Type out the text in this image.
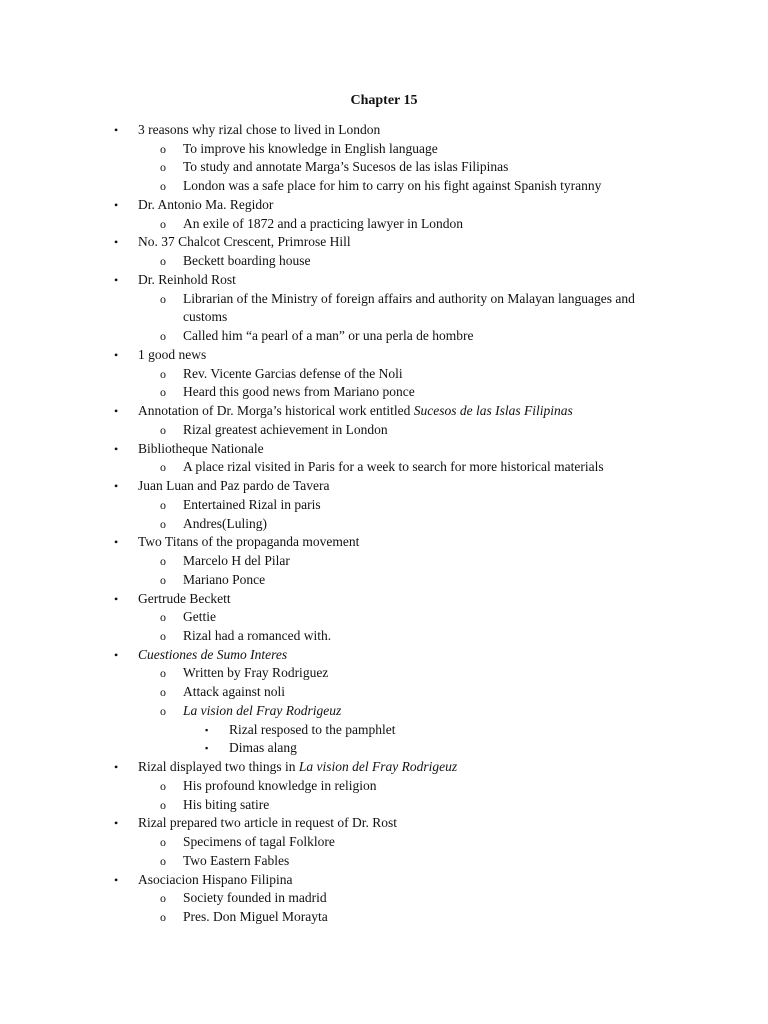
Chapter 15
• 3 reasons why rizal chose to lived in London
o To improve his knowledge in English language
o To study and annotate Marga’s Sucesos de las islas Filipinas
o London was a safe place for him to carry on his fight against Spanish tyranny
• Dr. Antonio Ma. Regidor
o An exile of 1872 and a practicing lawyer in London
• No. 37 Chalcot Crescent, Primrose Hill
o Beckett boarding house
• Dr. Reinhold Rost
o Librarian of the Ministry of foreign affairs and authority on Malayan languages and
customs
o Called him “a pearl of a man” or una perla de hombre
• 1 good news
o Rev. Vicente Garcias defense of the Noli
o Heard this good news from Mariano ponce
• Annotation of Dr. Morga’s historical work entitled Sucesos de las Islas Filipinas
o Rizal greatest achievement in London
• Bibliotheque Nationale
o A place rizal visited in Paris for a week to search for more historical materials
• Juan Luan and Paz pardo de Tavera
o Entertained Rizal in paris
o Andres(Luling)
• Two Titans of the propaganda movement
o Marcelo H del Pilar
o Mariano Ponce
• Gertrude Beckett
o Gettie
o Rizal had a romanced with.
• Cuestiones de Sumo Interes
o Written by Fray Rodriguez
o Attack against noli
o La vision del Fray Rodrigeuz
▪ Rizal resposed to the pamphlet
▪ Dimas alang
• Rizal displayed two things in La vision del Fray Rodrigeuz
o His profound knowledge in religion
o His biting satire
• Rizal prepared two article in request of Dr. Rost
o Specimens of tagal Folklore
o Two Eastern Fables
• Asociacion Hispano Filipina
o Society founded in madrid
o Pres. Don Miguel Morayta
